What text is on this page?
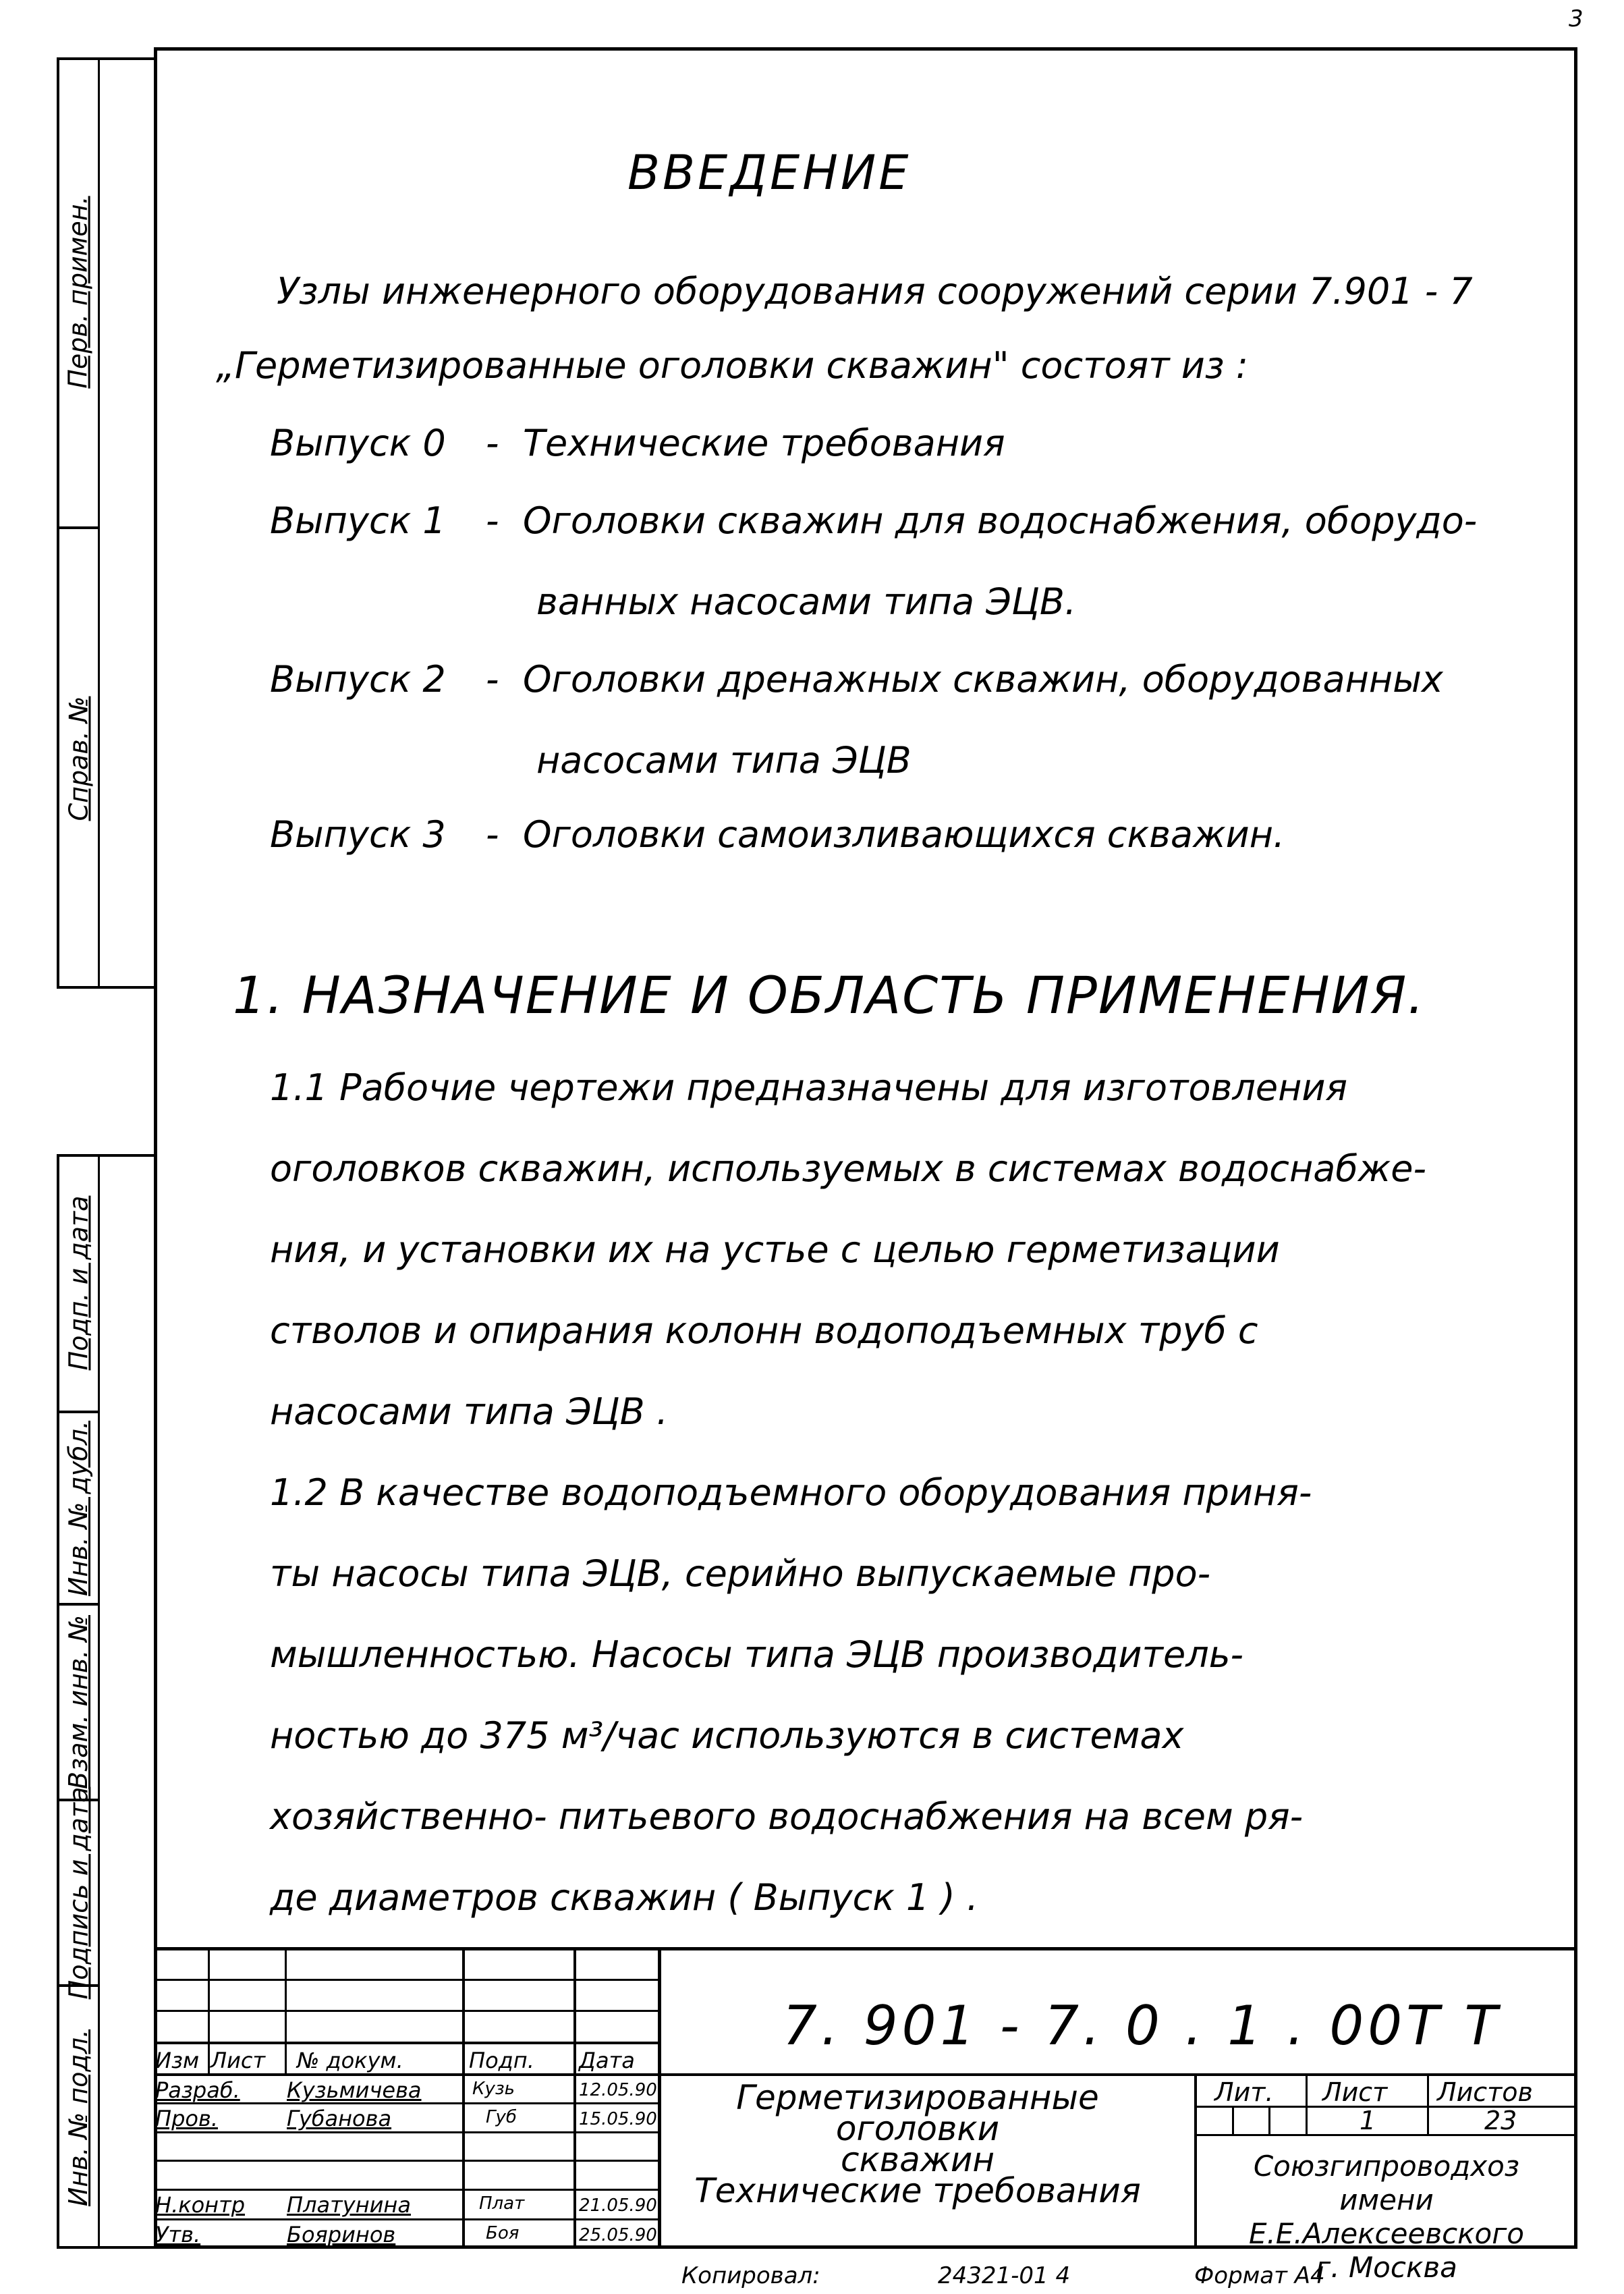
3
Перв. примен.
Справ. №
Подп. и дата
Инв. № дубл.
Взам. инв. №
Подпись и дата
Инв. № подл.
ВВЕДЕНИЕ
Узлы инженерного оборудования сооружений серии 7.901 - 7
„Герметизированные оголовки скважин" состоят из :
Выпуск 0 - Технические требования
Выпуск 1 - Оголовки скважин для водоснабжения, оборудо-
ванных насосами типа ЭЦВ.
Выпуск 2 - Оголовки дренажных скважин, оборудованных
насосами типа ЭЦВ
Выпуск 3 - Оголовки самоизливающихся скважин.
1. НАЗНАЧЕНИЕ И ОБЛАСТЬ ПРИМЕНЕНИЯ.
1.1 Рабочие чертежи предназначены для изготовления
оголовков скважин, используемых в системах водоснабже-
ния, и установки их на устье с целью герметизации
стволов и опирания колонн водоподъемных труб с
насосами типа ЭЦВ .
1.2 В качестве водоподъемного оборудования приня-
ты насосы типа ЭЦВ, серийно выпускаемые про-
мышленностью. Насосы типа ЭЦВ производитель-
ностью до 375 м³/час используются в системах
хозяйственно- питьевого водоснабжения на всем ря-
де диаметров скважин ( Выпуск 1 ) .
Изм Лист № докум.	Подп. Дата
Разраб. Кузьмичева	Кузь	12.05.90
Пров.	Губанова	Губ	15.05.90
Н.контр Платунина	Плат	21.05.90
Утв.	Бояринов	Боя	25.05.90
7. 901 - 7. 0 . 1 . 00Т Т
Герметизированные
оголовки
скважин
Технические требования
Лит. Лист Листов
1	23
Союзгипроводхоз
имени Е.Е.Алексеевского
г. Москва
Копировал:	24321-01 4	Формат А4
